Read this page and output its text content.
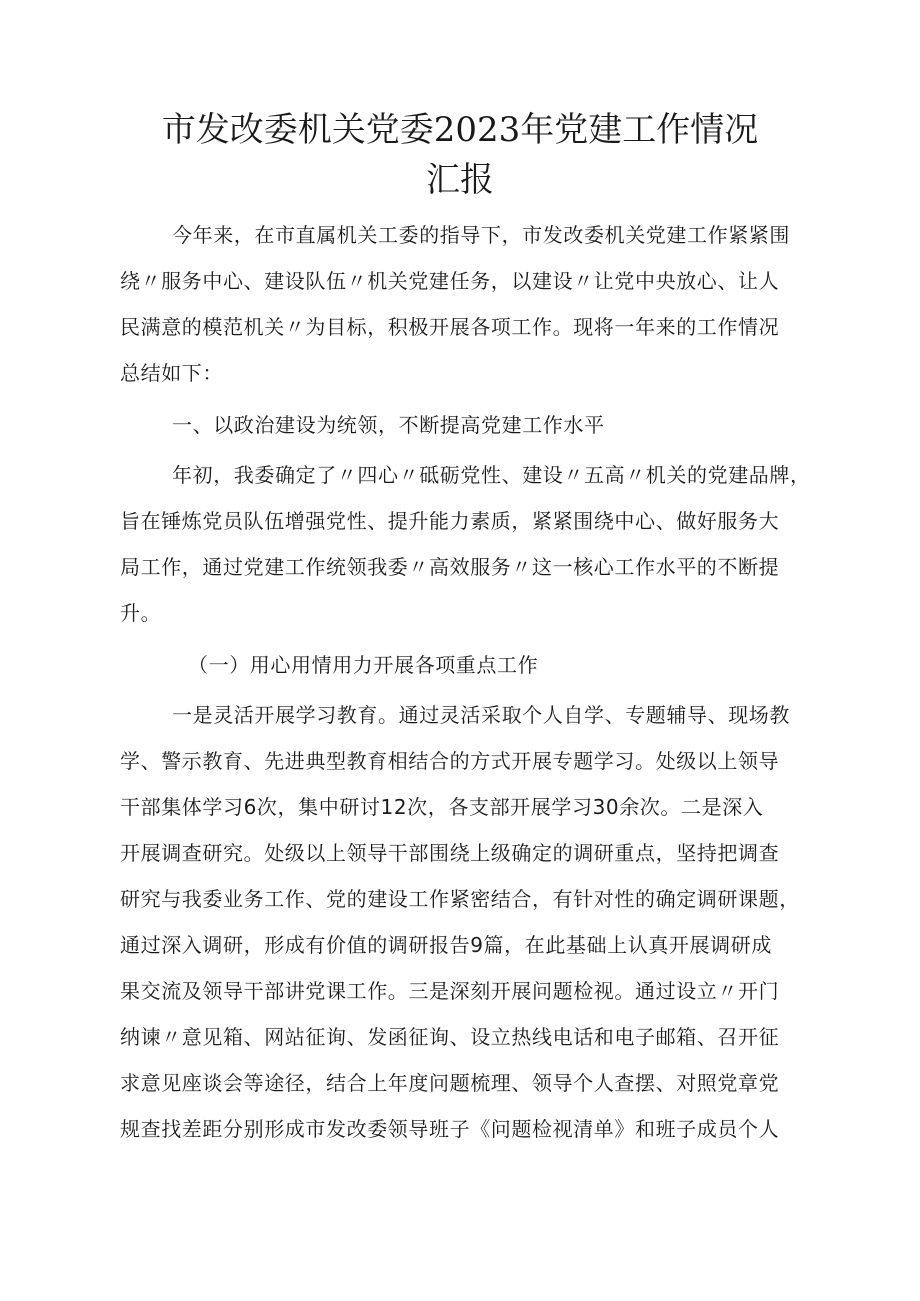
市发改委机关党委2023年党建工作情况
汇报
今年来，在市直属机关工委的指导下，市发改委机关党建工作紧紧围
绕〃服务中心、建设队伍〃机关党建任务，以建设〃让党中央放心、让人
民满意的模范机关〃为目标，积极开展各项工作。现将一年来的工作情况
总结如下：
一、以政治建设为统领，不断提高党建工作水平
年初，我委确定了〃四心〃砥砺党性、建设〃五高〃机关的党建品牌，
旨在锤炼党员队伍增强党性、提升能力素质，紧紧围绕中心、做好服务大
局工作，通过党建工作统领我委〃高效服务〃这一核心工作水平的不断提
升。
（一）用心用情用力开展各项重点工作
一是灵活开展学习教育。通过灵活采取个人自学、专题辅导、现场教
学、警示教育、先进典型教育相结合的方式开展专题学习。处级以上领导
干部集体学习6次，集中研讨12次，各支部开展学习30余次。二是深入
开展调查研究。处级以上领导干部围绕上级确定的调研重点，坚持把调查
研究与我委业务工作、党的建设工作紧密结合，有针对性的确定调研课题，
通过深入调研，形成有价值的调研报告9篇，在此基础上认真开展调研成
果交流及领导干部讲党课工作。三是深刻开展问题检视。通过设立〃开门
纳谏〃意见箱、网站征询、发函征询、设立热线电话和电子邮箱、召开征
求意见座谈会等途径，结合上年度问题梳理、领导个人查摆、对照党章党
规查找差距分别形成市发改委领导班子《问题检视清单》和班子成员个人
